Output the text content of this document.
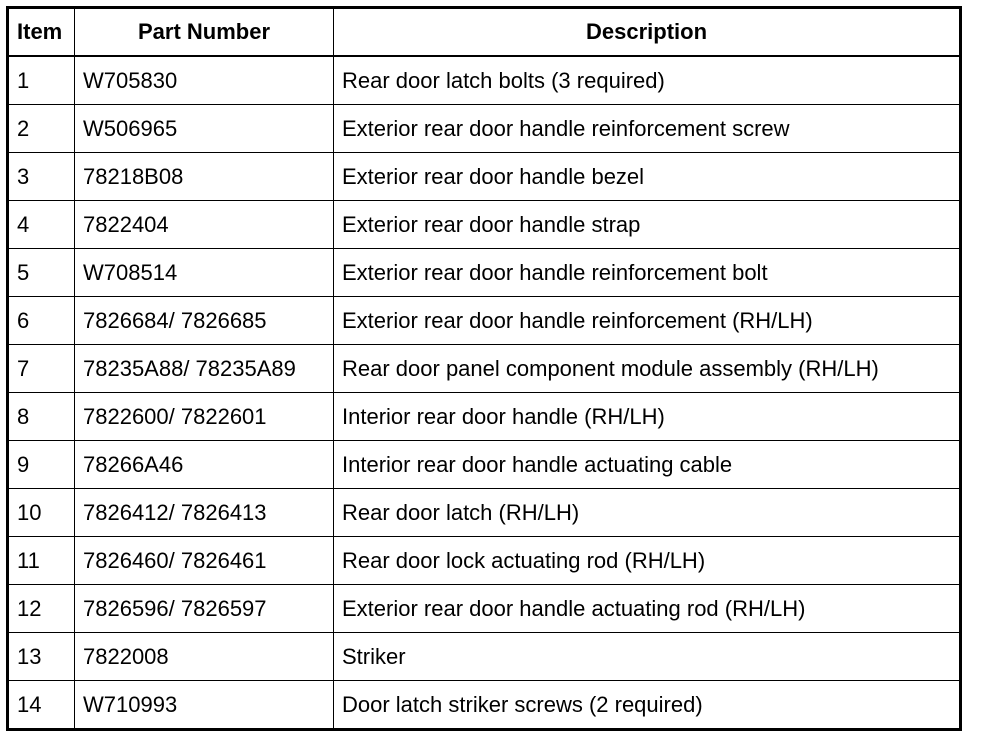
Item	Part Number	Description
1	W705830	Rear door latch bolts (3 required)
2	W506965	Exterior rear door handle reinforcement screw
3	78218B08	Exterior rear door handle bezel
4	7822404	Exterior rear door handle strap
5	W708514	Exterior rear door handle reinforcement bolt
6	7826684/ 7826685	Exterior rear door handle reinforcement (RH/LH)
7	78235A88/ 78235A89	Rear door panel component module assembly (RH/LH)
8	7822600/ 7822601	Interior rear door handle (RH/LH)
9	78266A46	Interior rear door handle actuating cable
10	7826412/ 7826413	Rear door latch (RH/LH)
11	7826460/ 7826461	Rear door lock actuating rod (RH/LH)
12	7826596/ 7826597	Exterior rear door handle actuating rod (RH/LH)
13	7822008	Striker
14	W710993	Door latch striker screws (2 required)
